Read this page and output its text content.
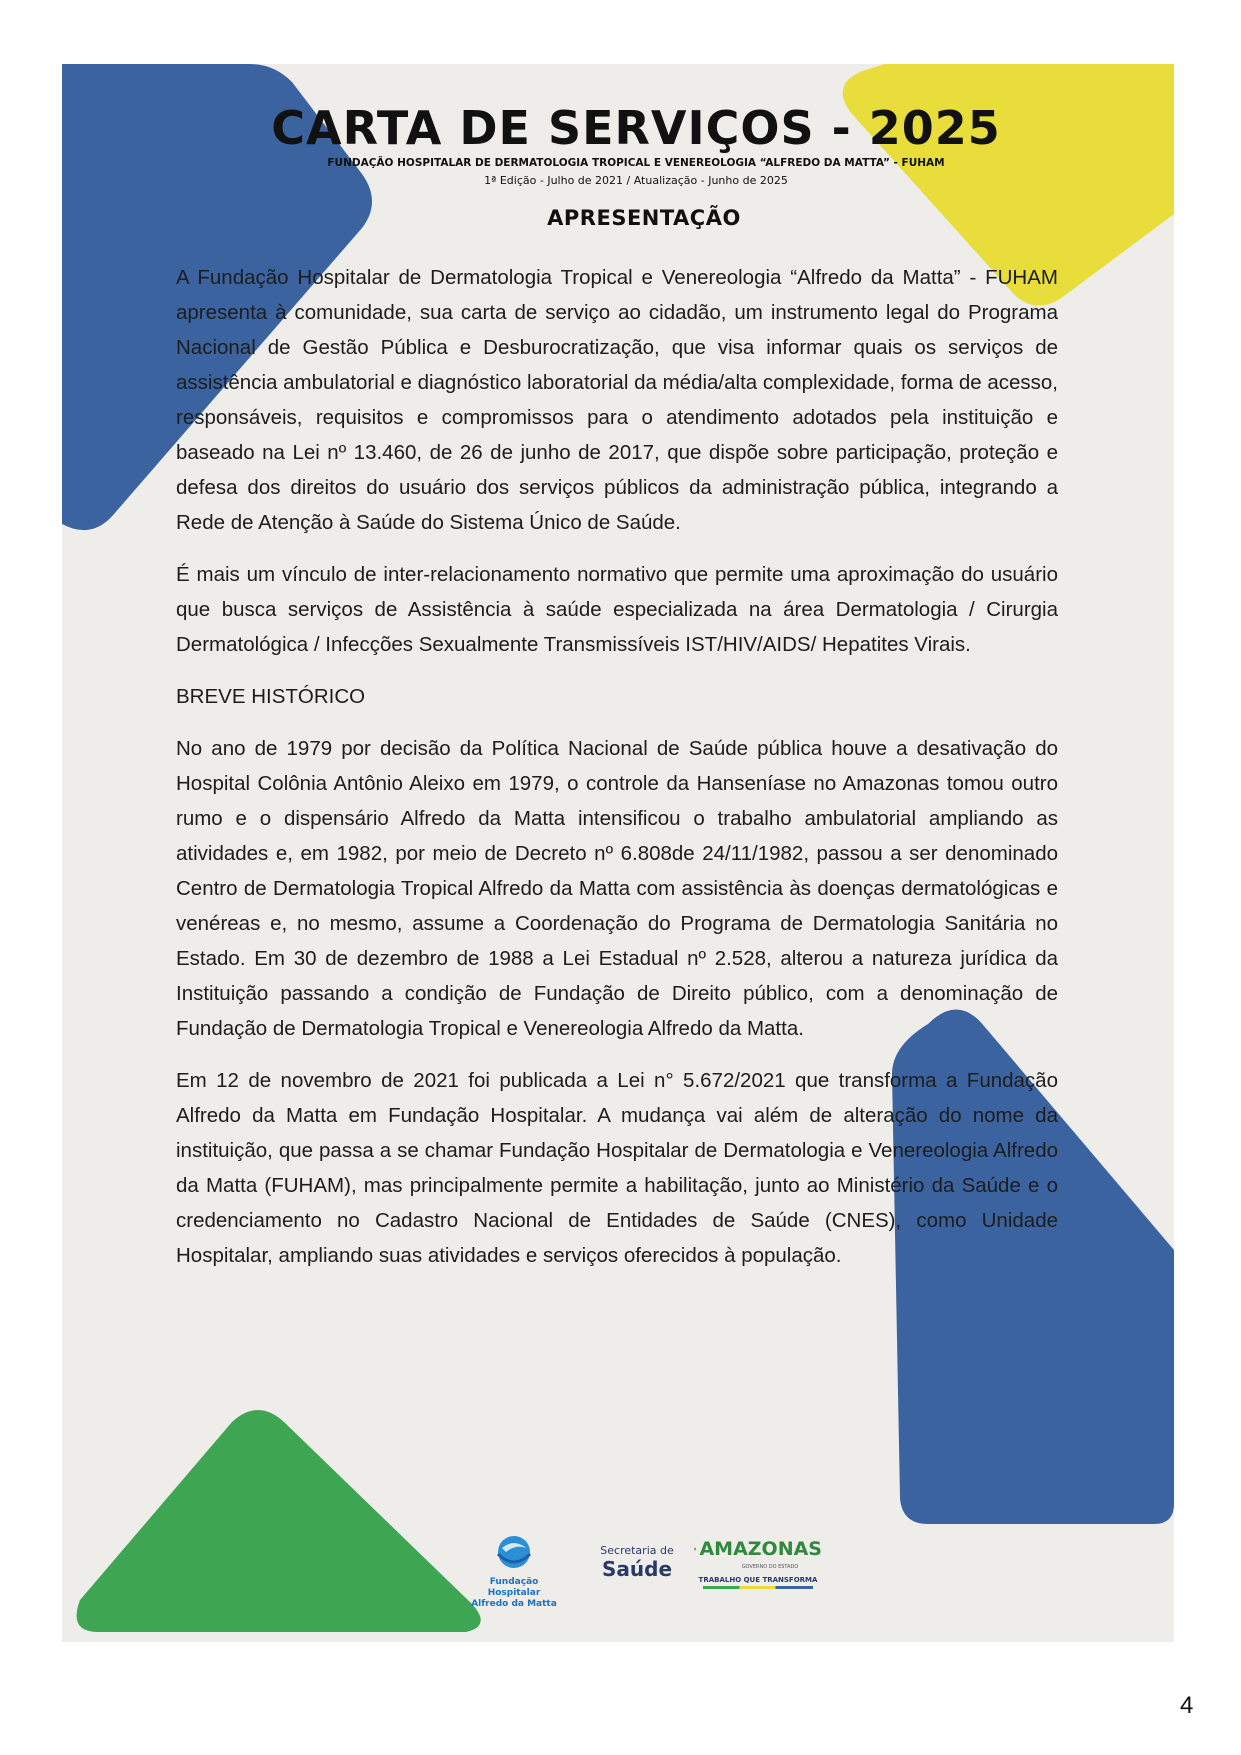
CARTA DE SERVIÇOS - 2025
FUNDAÇÃO HOSPITALAR DE DERMATOLOGIA TROPICAL E VENEREOLOGIA “ALFREDO DA MATTA” - FUHAM
1ª Edição - Julho de 2021 / Atualização - Junho de 2025
APRESENTAÇÃO

A Fundação Hospitalar de Dermatologia Tropical e Venereologia “Alfredo da Matta” - FUHAM apresenta à comunidade, sua carta de serviço ao cidadão, um instrumento legal do Programa Nacional de Gestão Pública e Desburocratização, que visa informar quais os serviços de assistência ambulatorial e diagnóstico laboratorial da média/alta complexidade, forma de acesso, responsáveis, requisitos e compromissos para o atendimento adotados pela instituição e baseado na Lei nº 13.460, de 26 de junho de 2017, que dispõe sobre participação, proteção e defesa dos direitos do usuário dos serviços públicos da administração pública, integrando a Rede de Atenção à Saúde do Sistema Único de Saúde.

É mais um vínculo de inter-relacionamento normativo que permite uma aproximação do usuário que busca serviços de Assistência à saúde especializada na área Dermatologia / Cirurgia Dermatológica / Infecções Sexualmente Transmissíveis IST/HIV/AIDS/ Hepatites Virais.

BREVE HISTÓRICO

No ano de 1979 por decisão da Política Nacional de Saúde pública houve a desativação do Hospital Colônia Antônio Aleixo em 1979, o controle da Hanseníase no Amazonas tomou outro rumo e o dispensário Alfredo da Matta intensificou o trabalho ambulatorial ampliando as atividades e, em 1982, por meio de Decreto nº 6.808de 24/11/1982, passou a ser denominado Centro de Dermatologia Tropical Alfredo da Matta com assistência às doenças dermatológicas e venéreas e, no mesmo, assume a Coordenação do Programa de Dermatologia Sanitária no Estado. Em 30 de dezembro de 1988 a Lei Estadual nº 2.528, alterou a natureza jurídica da Instituição passando a condição de Fundação de Direito público, com a denominação de Fundação de Dermatologia Tropical e Venereologia Alfredo da Matta.

Em 12 de novembro de 2021 foi publicada a Lei n° 5.672/2021 que transforma a Fundação Alfredo da Matta em Fundação Hospitalar. A mudança vai além de alteração do nome da instituição, que passa a se chamar Fundação Hospitalar de Dermatologia e Venereologia Alfredo da Matta (FUHAM), mas principalmente permite a habilitação, junto ao Ministério da Saúde e o credenciamento no Cadastro Nacional de Entidades de Saúde (CNES), como Unidade Hospitalar, ampliando suas atividades e serviços oferecidos à população.

Fundação Hospitalar Alfredo da Matta
Secretaria de
Saúde
AMAZONAS
GOVERNO DO ESTADO
TRABALHO QUE TRANSFORMA
4
